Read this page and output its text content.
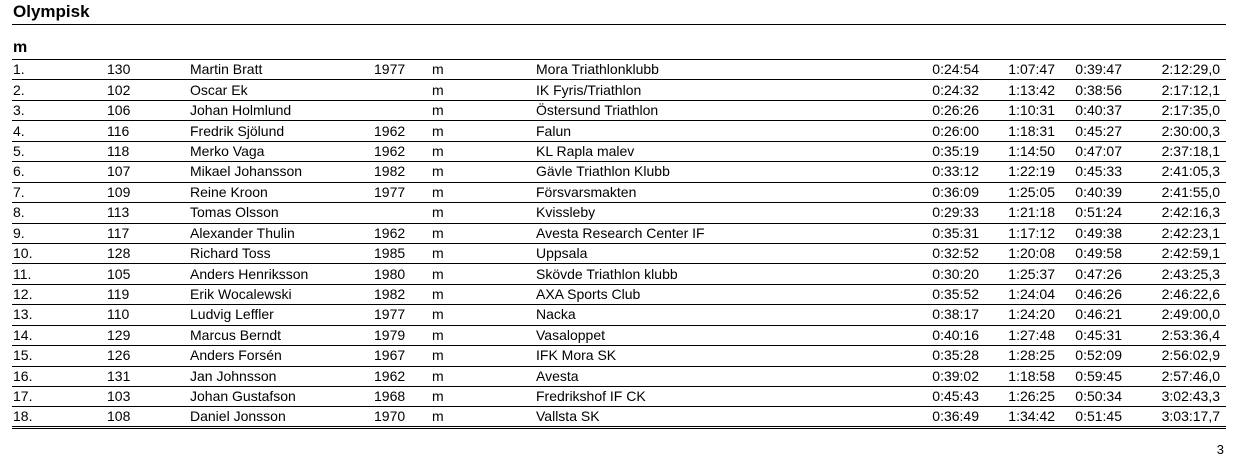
Olympisk
m
1.	130	Martin Bratt	1977	m	Mora Triathlonklubb	0:24:54	1:07:47	0:39:47	2:12:29,0
2.	102	Oscar Ek		m	IK Fyris/Triathlon	0:24:32	1:13:42	0:38:56	2:17:12,1
3.	106	Johan Holmlund		m	Östersund Triathlon	0:26:26	1:10:31	0:40:37	2:17:35,0
4.	116	Fredrik Sjölund	1962	m	Falun	0:26:00	1:18:31	0:45:27	2:30:00,3
5.	118	Merko Vaga	1962	m	KL Rapla malev	0:35:19	1:14:50	0:47:07	2:37:18,1
6.	107	Mikael Johansson	1982	m	Gävle Triathlon Klubb	0:33:12	1:22:19	0:45:33	2:41:05,3
7.	109	Reine Kroon	1977	m	Försvarsmakten	0:36:09	1:25:05	0:40:39	2:41:55,0
8.	113	Tomas Olsson		m	Kvissleby	0:29:33	1:21:18	0:51:24	2:42:16,3
9.	117	Alexander Thulin	1962	m	Avesta Research Center IF	0:35:31	1:17:12	0:49:38	2:42:23,1
10.	128	Richard Toss	1985	m	Uppsala	0:32:52	1:20:08	0:49:58	2:42:59,1
11.	105	Anders Henriksson	1980	m	Skövde Triathlon klubb	0:30:20	1:25:37	0:47:26	2:43:25,3
12.	119	Erik Wocalewski	1982	m	AXA Sports Club	0:35:52	1:24:04	0:46:26	2:46:22,6
13.	110	Ludvig Leffler	1977	m	Nacka	0:38:17	1:24:20	0:46:21	2:49:00,0
14.	129	Marcus Berndt	1979	m	Vasaloppet	0:40:16	1:27:48	0:45:31	2:53:36,4
15.	126	Anders Forsén	1967	m	IFK Mora SK	0:35:28	1:28:25	0:52:09	2:56:02,9
16.	131	Jan Johnsson	1962	m	Avesta	0:39:02	1:18:58	0:59:45	2:57:46,0
17.	103	Johan Gustafson	1968	m	Fredrikshof IF CK	0:45:43	1:26:25	0:50:34	3:02:43,3
18.	108	Daniel Jonsson	1970	m	Vallsta SK	0:36:49	1:34:42	0:51:45	3:03:17,7
3
